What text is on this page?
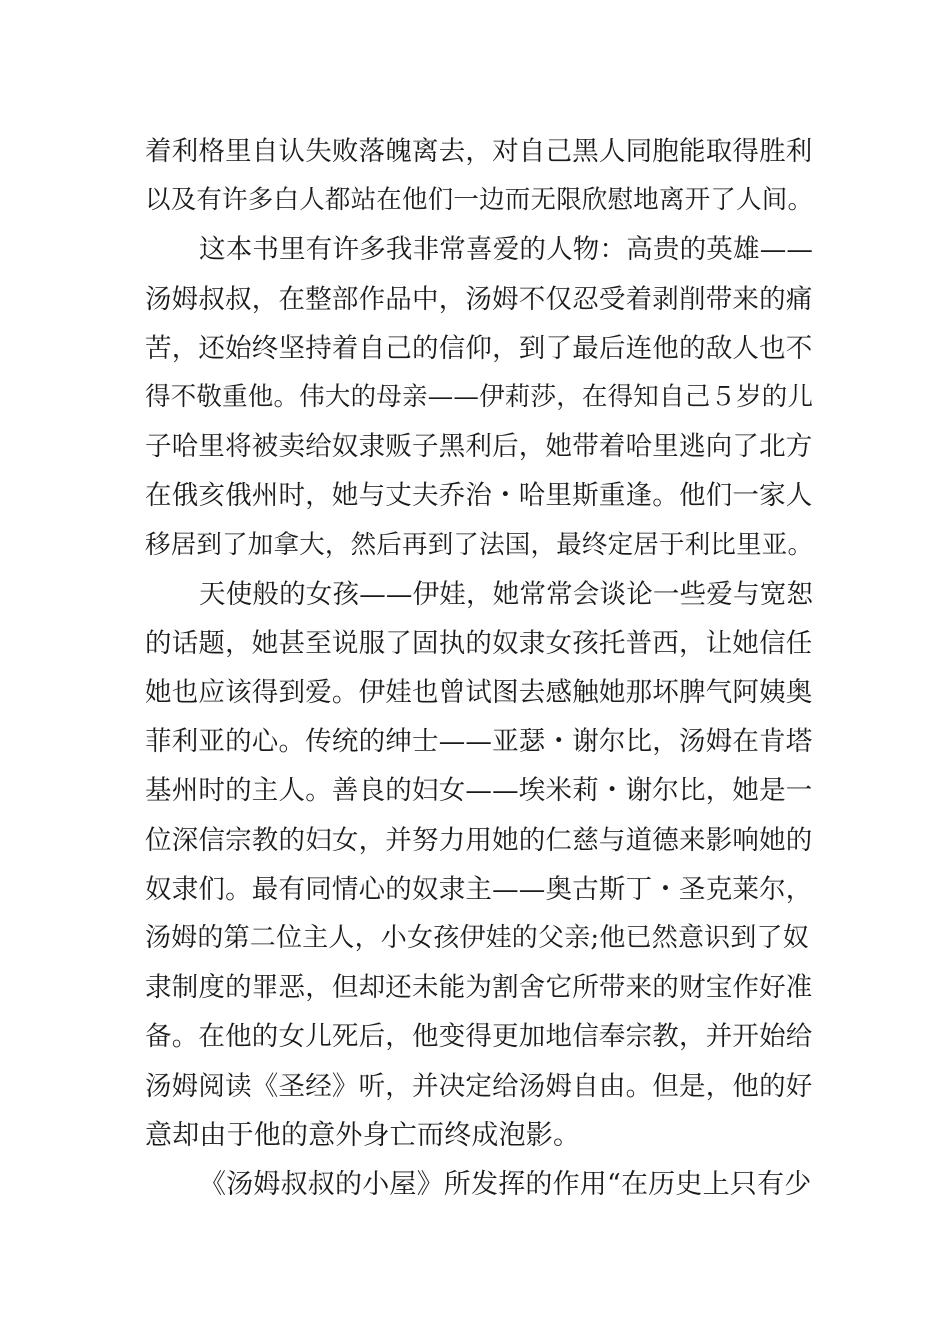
着利格里自认失败落魄离去，对自己黑人同胞能取得胜利
以及有许多白人都站在他们一边而无限欣慰地离开了人间。
这本书里有许多我非常喜爱的人物：高贵的英雄——
汤姆叔叔，在整部作品中，汤姆不仅忍受着剥削带来的痛
苦，还始终坚持着自己的信仰，到了最后连他的敌人也不
得不敬重他。伟大的母亲——伊莉莎，在得知自己５岁的儿
子哈里将被卖给奴隶贩子黑利后，她带着哈里逃向了北方
在俄亥俄州时，她与丈夫乔治・哈里斯重逢。他们一家人
移居到了加拿大，然后再到了法国，最终定居于利比里亚。
天使般的女孩——伊娃，她常常会谈论一些爱与宽恕
的话题，她甚至说服了固执的奴隶女孩托普西，让她信任
她也应该得到爱。伊娃也曾试图去感触她那坏脾气阿姨奥
菲利亚的心。传统的绅士——亚瑟・谢尔比，汤姆在肯塔
基州时的主人。善良的妇女——埃米莉・谢尔比，她是一
位深信宗教的妇女，并努力用她的仁慈与道德来影响她的
奴隶们。最有同情心的奴隶主——奥古斯丁・圣克莱尔，
汤姆的第二位主人，小女孩伊娃的父亲;他已然意识到了奴
隶制度的罪恶，但却还未能为割舍它所带来的财宝作好准
备。在他的女儿死后，他变得更加地信奉宗教，并开始给
汤姆阅读《圣经》听，并决定给汤姆自由。但是，他的好
意却由于他的意外身亡而终成泡影。
《汤姆叔叔的小屋》所发挥的作用“在历史上只有少
